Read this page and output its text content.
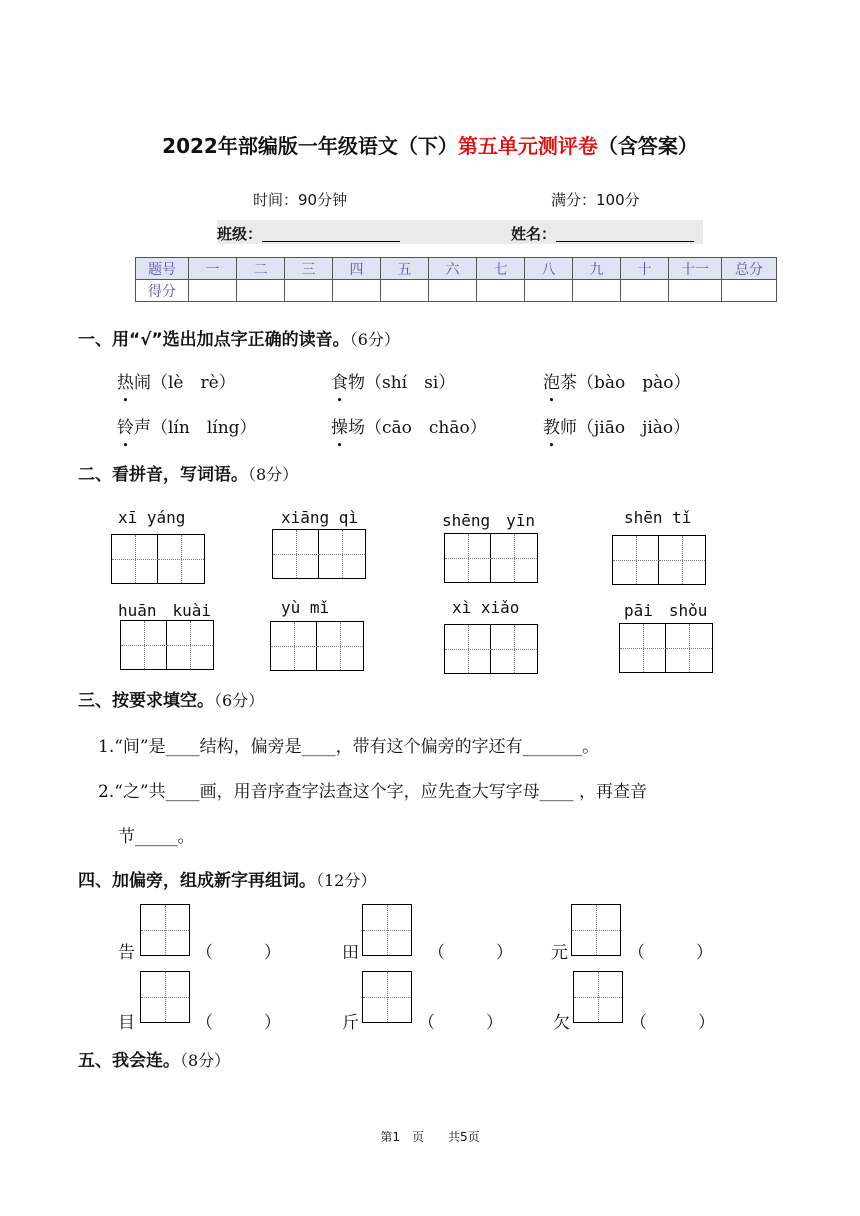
2022年部编版一年级语文（下）第五单元测评卷（含答案）
时间：90分钟	满分：100分
班级：	姓名：
题号	一	二	三	四	五	六	七	八	九	十	十一	总分
得分												
一、用“√”选出加点字正确的读音。（6分）
热闹（lè　rè）	食物（shí　si）	泡茶（bào　pào）
铃声（lín　líng）	操场（cāo　chāo）	教师（jiāo　jiào）
二、看拼音，写词语。（8分）
xī yáng	xiāng qì	shēng　yīn	shēn tǐ
huān　kuài	yù mǐ	xì xiǎo	pāi　shǒu
三、按要求填空。（6分）
1.“间”是____结构，偏旁是____，带有这个偏旁的字还有_______。
2.“之”共____画，用音序查字法查这个字，应先查大写字母____ ，再查音
节_____。
四、加偏旁，组成新字再组词。（12分）
告	（　　　）	田	（　　　） 元	（　　　）
目	（　　　）	斤	（　　　）	欠	（　　　）
五、我会连。（8分）
第1　页　　共5页
